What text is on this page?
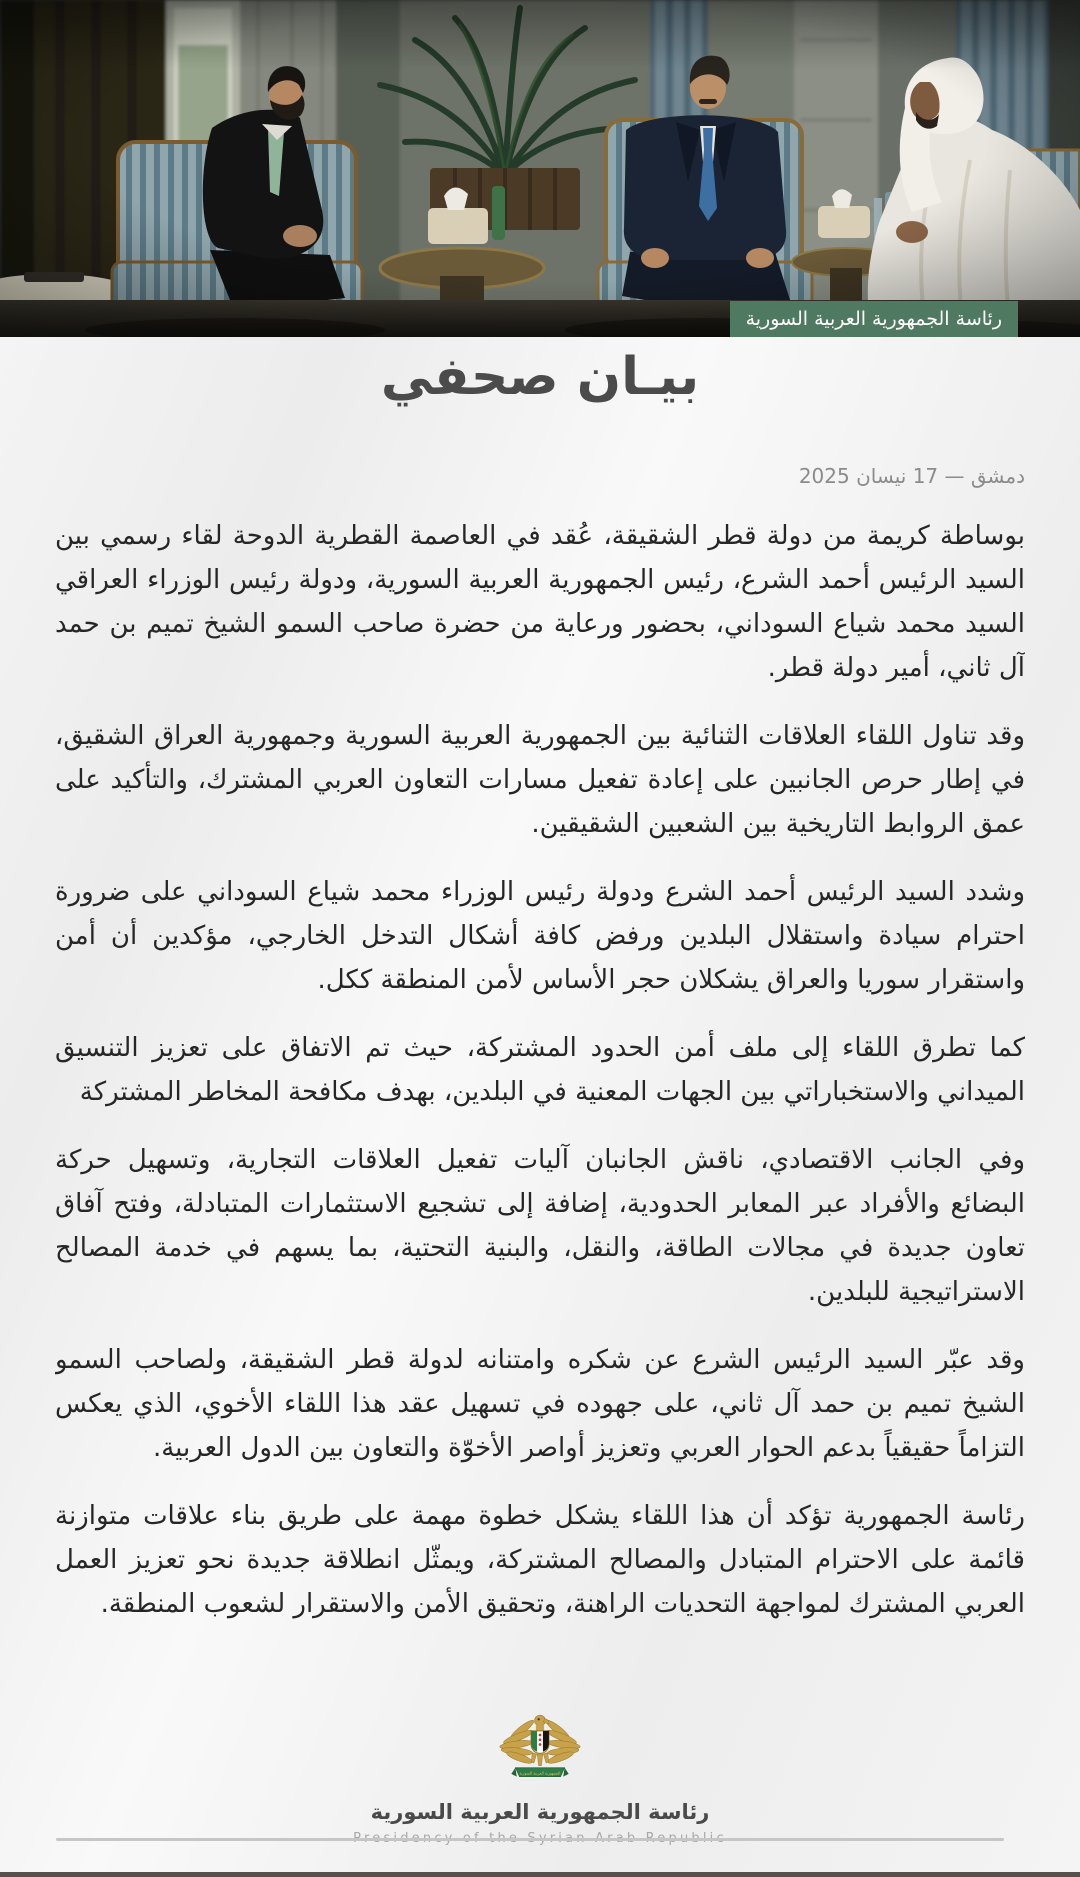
رئاسة الجمهورية العربية السورية
بيـان صحفي
دمشق — 17 نيسان 2025

بوساطة كريمة من دولة قطر الشقيقة، عُقد في العاصمة القطرية الدوحة لقاء رسمي بين السيد الرئيس أحمد الشرع، رئيس الجمهورية العربية السورية، ودولة رئيس الوزراء العراقي السيد محمد شياع السوداني، بحضور ورعاية من حضرة صاحب السمو الشيخ تميم بن حمد آل ثاني، أمير دولة قطر.

وقد تناول اللقاء العلاقات الثنائية بين الجمهورية العربية السورية وجمهورية العراق الشقيق، في إطار حرص الجانبين على إعادة تفعيل مسارات التعاون العربي المشترك، والتأكيد على عمق الروابط التاريخية بين الشعبين الشقيقين.

وشدد السيد الرئيس أحمد الشرع ودولة رئيس الوزراء محمد شياع السوداني على ضرورة احترام سيادة واستقلال البلدين ورفض كافة أشكال التدخل الخارجي، مؤكدين أن أمن واستقرار سوريا والعراق يشكلان حجر الأساس لأمن المنطقة ككل.

كما تطرق اللقاء إلى ملف أمن الحدود المشتركة، حيث تم الاتفاق على تعزيز التنسيق الميداني والاستخباراتي بين الجهات المعنية في البلدين، بهدف مكافحة المخاطر المشتركة

وفي الجانب الاقتصادي، ناقش الجانبان آليات تفعيل العلاقات التجارية، وتسهيل حركة البضائع والأفراد عبر المعابر الحدودية، إضافة إلى تشجيع الاستثمارات المتبادلة، وفتح آفاق تعاون جديدة في مجالات الطاقة، والنقل، والبنية التحتية، بما يسهم في خدمة المصالح الاستراتيجية للبلدين.

وقد عبّر السيد الرئيس الشرع عن شكره وامتنانه لدولة قطر الشقيقة، ولصاحب السمو الشيخ تميم بن حمد آل ثاني، على جهوده في تسهيل عقد هذا اللقاء الأخوي، الذي يعكس التزاماً حقيقياً بدعم الحوار العربي وتعزيز أواصر الأخوّة والتعاون بين الدول العربية.

رئاسة الجمهورية تؤكد أن هذا اللقاء يشكل خطوة مهمة على طريق بناء علاقات متوازنة قائمة على الاحترام المتبادل والمصالح المشتركة، ويمثّل انطلاقة جديدة نحو تعزيز العمل العربي المشترك لمواجهة التحديات الراهنة، وتحقيق الأمن والاستقرار لشعوب المنطقة.

الجمهورية العربية السورية
رئاسة الجمهورية العربية السورية
